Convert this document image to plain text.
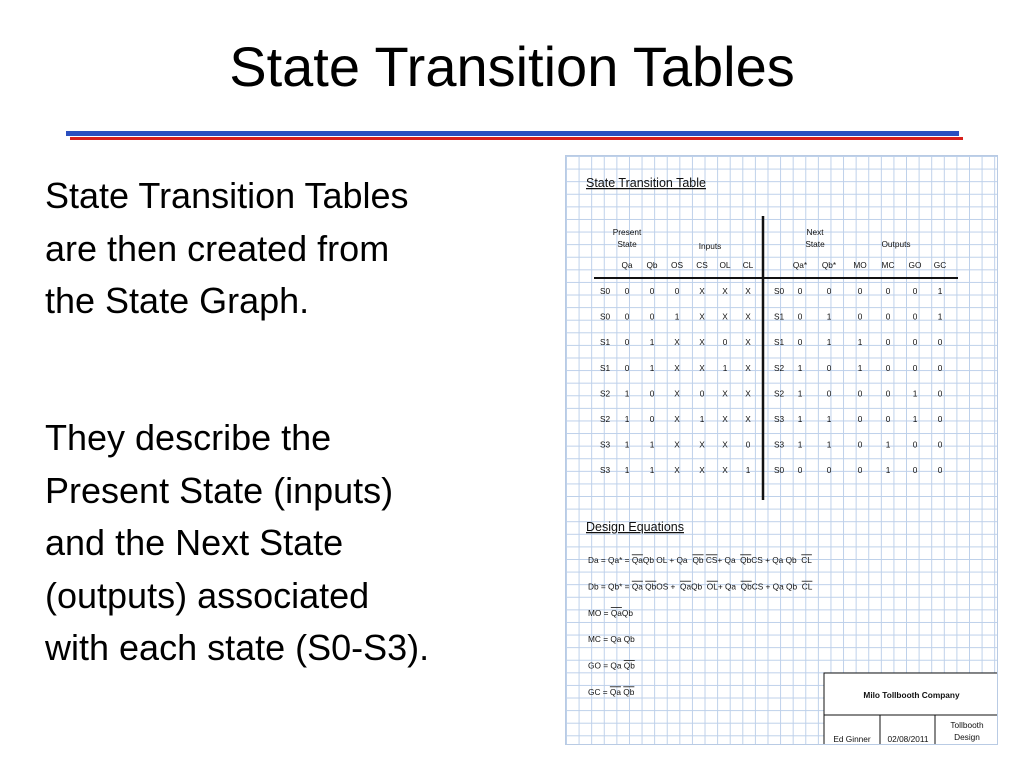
State Transition Tables

State Transition Tables
are then created from
the State Graph.

They describe the
Present State (inputs)
and the Next State
(outputs) associated
with each state (S0-S3).

State Transition Table
Present
State	Inputs
Next
State	Outputs
Qa Qb OS CS OL CL	Qa* Qb* MO MC GO GC
S0 0 0 0 X X X	S0 0	0	0	0	0 1
S0 0 0 1 X X X	S1 0	1	0	0	0 1
S1 0 1 X X 0 X	S1 0	1	1	0	0 0
S1 0 1 X X 1 X	S2 1	0	1	0	0 0
S2 1 0 X 0 X X	S2 1	0	0	0	1 0
S2 1 0 X 1 X X	S3 1	1	0	0	1 0
S3 1 1 X X X 0	S3 1	1	0	1	0 0
S3 1 1 X X X 1	S0 0	0	0	1	0 0
Design Equations
Da = Qa* = Qa Qb OL + Qa Qb CS + Qa Qb CS + Qa Qb CL
Db = Qb* = Qa Qb OS + Qa Qb OL + Qa Qb CS + Qa Qb CL
MO = Qa Qb
MC = Qa Qb
GO = Qa Qb
GC = Qa Qb	Milo Tollbooth Company
Ed Ginner 02/08/2011
Tollbooth
Design
